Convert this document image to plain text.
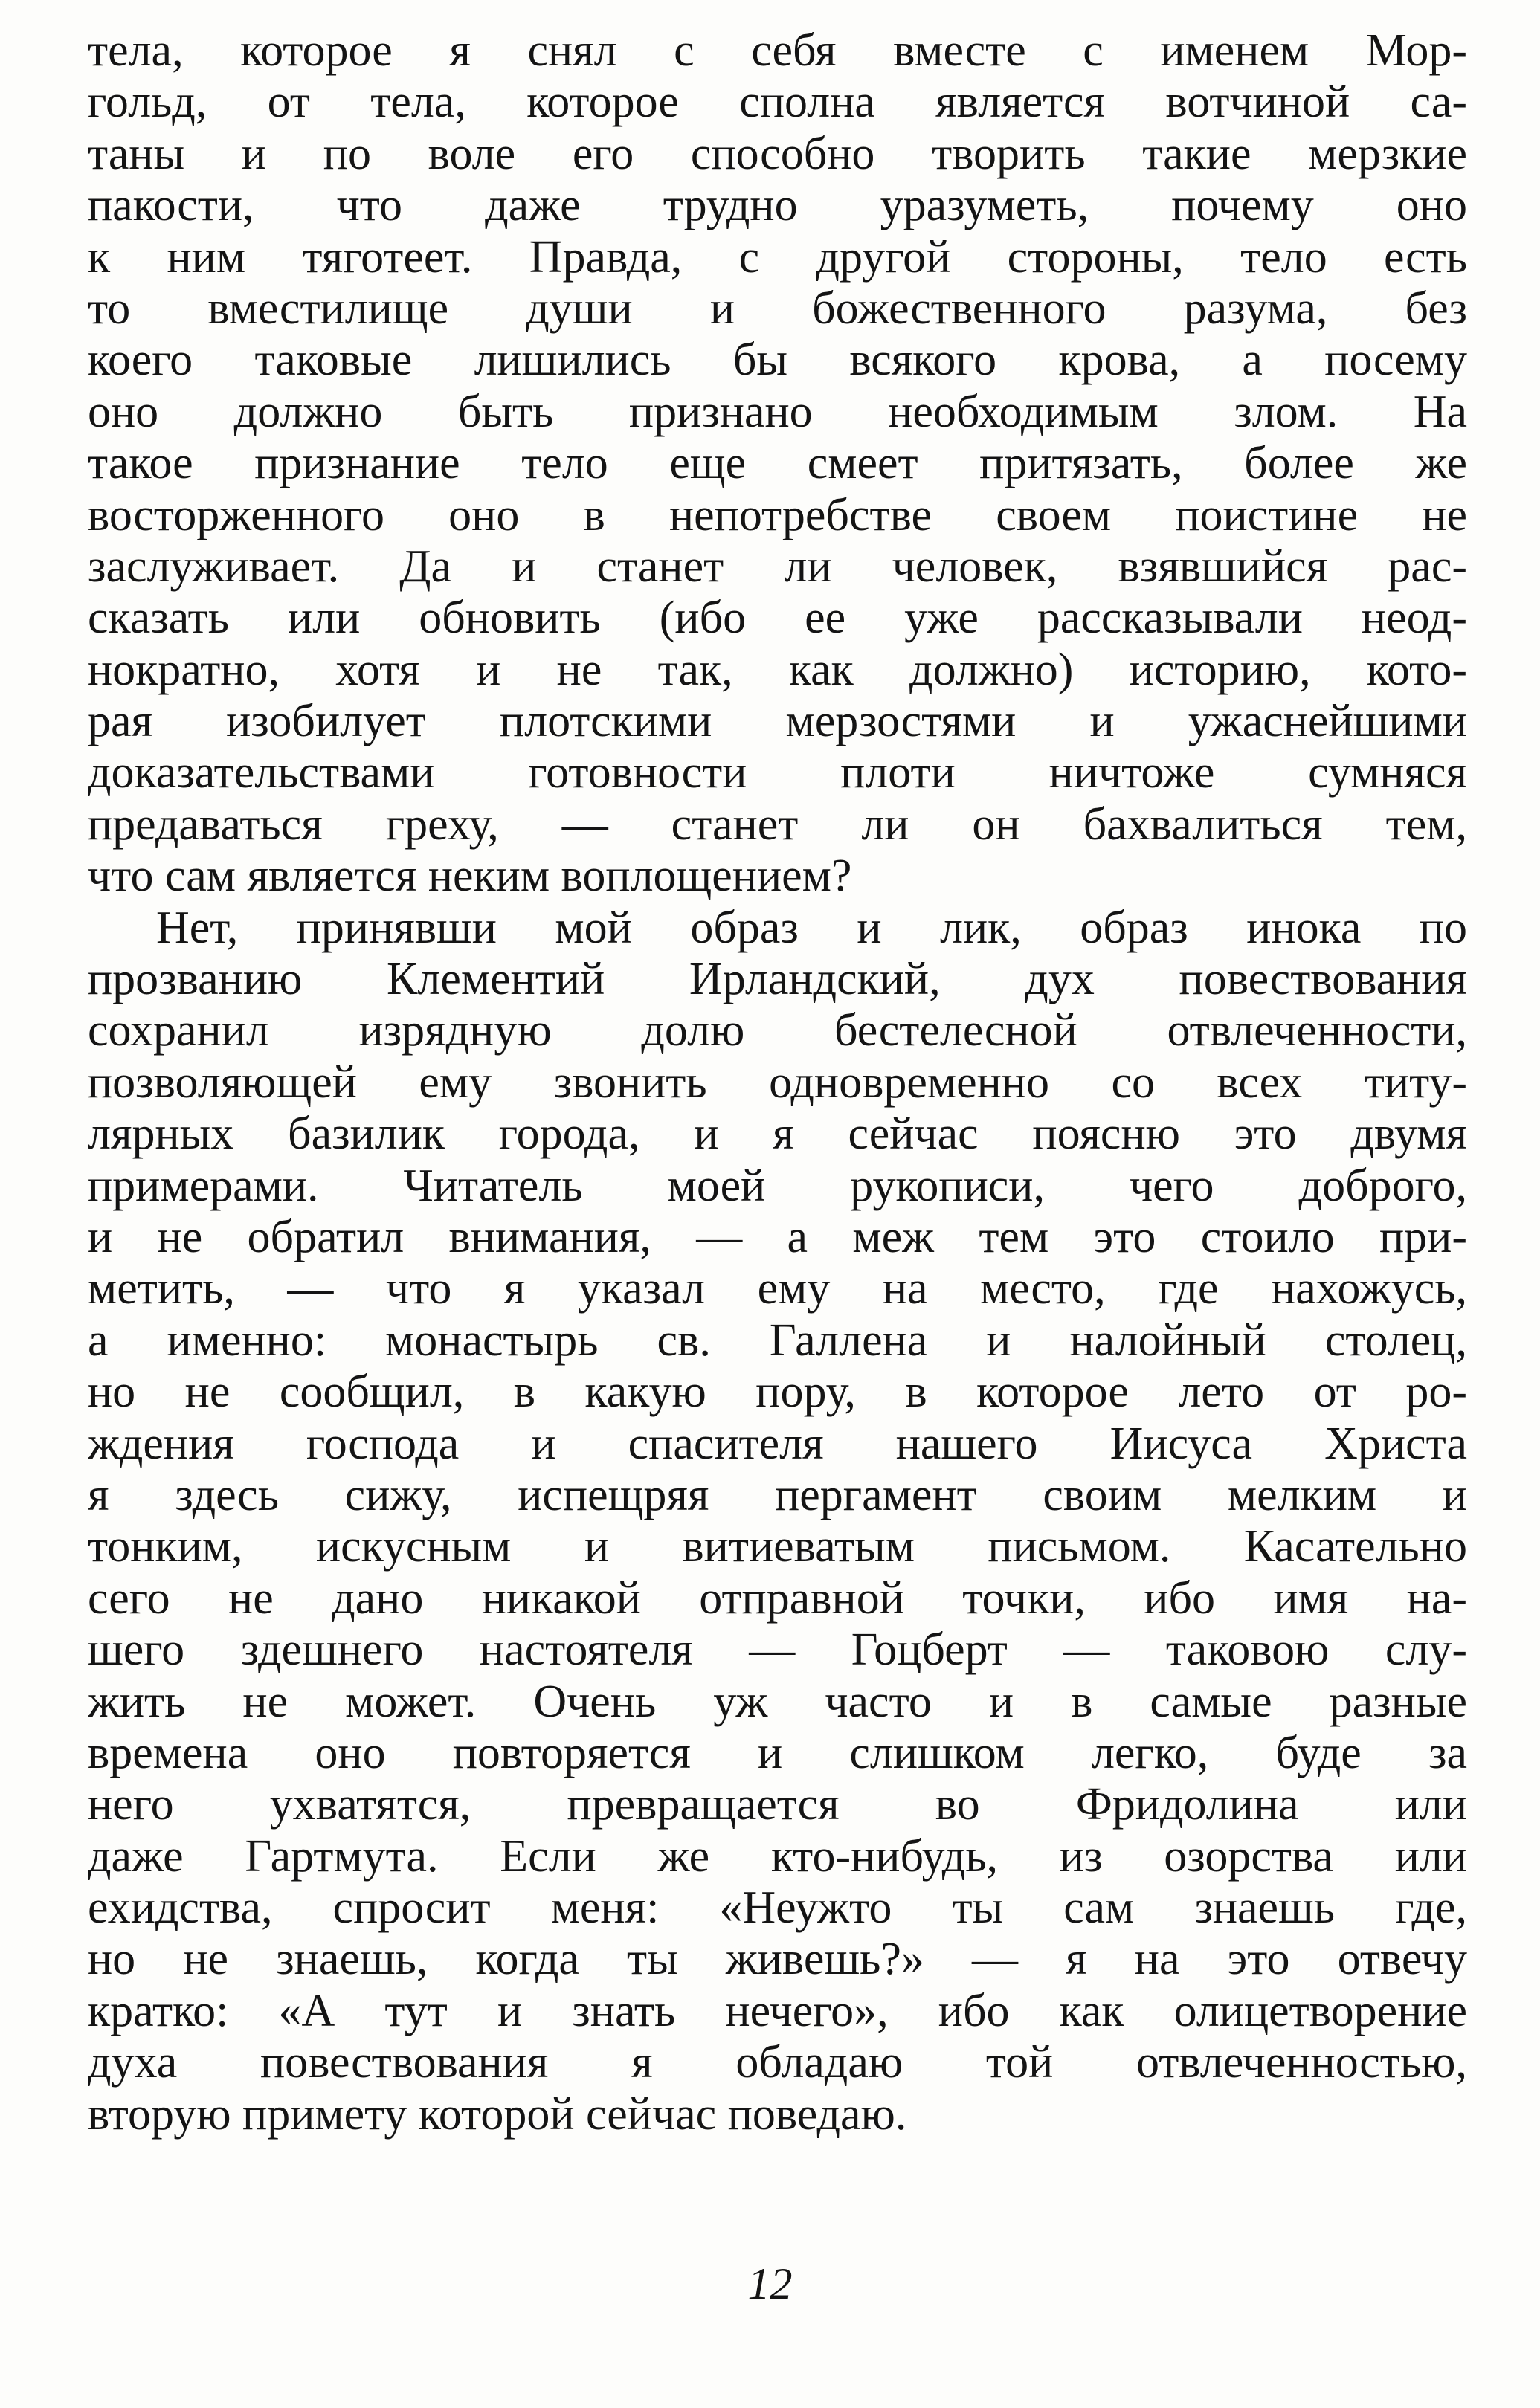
тела, которое я снял с себя вместе с именем Мор-
гольд, от тела, которое сполна является вотчиной са-
таны и по воле его способно творить такие мерзкие
пакости, что даже трудно уразуметь, почему оно
к ним тяготеет. Правда, с другой стороны, тело есть
то вместилище души и божественного разума, без
коего таковые лишились бы всякого крова, а посему
оно должно быть признано необходимым злом. На
такое признание тело еще смеет притязать, более же
восторженного оно в непотребстве своем поистине не
заслуживает. Да и станет ли человек, взявшийся рас-
сказать или обновить (ибо ее уже рассказывали неод-
нократно, хотя и не так, как должно) историю, кото-
рая изобилует плотскими мерзостями и ужаснейшими
доказательствами готовности плоти ничтоже сумняся
предаваться греху, — станет ли он бахвалиться тем,
что сам является неким воплощением?
Нет, принявши мой образ и лик, образ инока по
прозванию Клементий Ирландский, дух повествования
сохранил изрядную долю бестелесной отвлеченности,
позволяющей ему звонить одновременно со всех титу-
лярных базилик города, и я сейчас поясню это двумя
примерами. Читатель моей рукописи, чего доброго,
и не обратил внимания, — а меж тем это стоило при-
метить, — что я указал ему на место, где нахожусь,
а именно: монастырь св. Галлена и налойный столец,
но не сообщил, в какую пору, в которое лето от ро-
ждения господа и спасителя нашего Иисуса Христа
я здесь сижу, испещряя пергамент своим мелким и
тонким, искусным и витиеватым письмом. Касательно
сего не дано никакой отправной точки, ибо имя на-
шего здешнего настоятеля — Гоцберт — таковою слу-
жить не может. Очень уж часто и в самые разные
времена оно повторяется и слишком легко, буде за
него ухватятся, превращается во Фридолина или
даже Гартмута. Если же кто-нибудь, из озорства или
ехидства, спросит меня: «Неужто ты сам знаешь где,
но не знаешь, когда ты живешь?» — я на это отвечу
кратко: «А тут и знать нечего», ибо как олицетворение
духа повествования я обладаю той отвлеченностью,
вторую примету которой сейчас поведаю.
12
